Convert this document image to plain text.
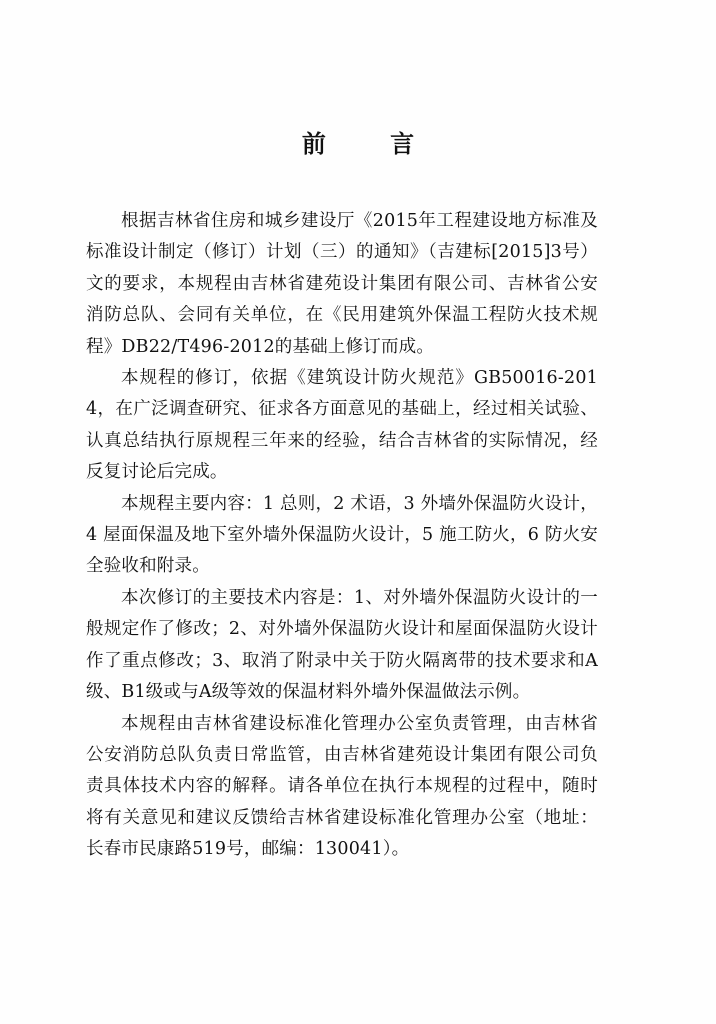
前 言

根据吉林省住房和城乡建设厅《2015年工程建设地方标准及标准设计制定（修订）计划（三）的通知》（吉建标[2015]3号）文的要求，本规程由吉林省建苑设计集团有限公司、吉林省公安消防总队、会同有关单位，在《民用建筑外保温工程防火技术规程》DB22/T496-2012的基础上修订而成。

本规程的修订，依据《建筑设计防火规范》GB50016-2014，在广泛调查研究、征求各方面意见的基础上，经过相关试验、认真总结执行原规程三年来的经验，结合吉林省的实际情况，经反复讨论后完成。

本规程主要内容：1 总则，2 术语，3 外墙外保温防火设计，4 屋面保温及地下室外墙外保温防火设计，5 施工防火，6 防火安全验收和附录。

本次修订的主要技术内容是：1、对外墙外保温防火设计的一般规定作了修改；2、对外墙外保温防火设计和屋面保温防火设计作了重点修改；3、取消了附录中关于防火隔离带的技术要求和A级、B1级或与A级等效的保温材料外墙外保温做法示例。

本规程由吉林省建设标准化管理办公室负责管理，由吉林省公安消防总队负责日常监管，由吉林省建苑设计集团有限公司负责具体技术内容的解释。请各单位在执行本规程的过程中，随时将有关意见和建议反馈给吉林省建设标准化管理办公室（地址：长春市民康路519号，邮编：130041）。
